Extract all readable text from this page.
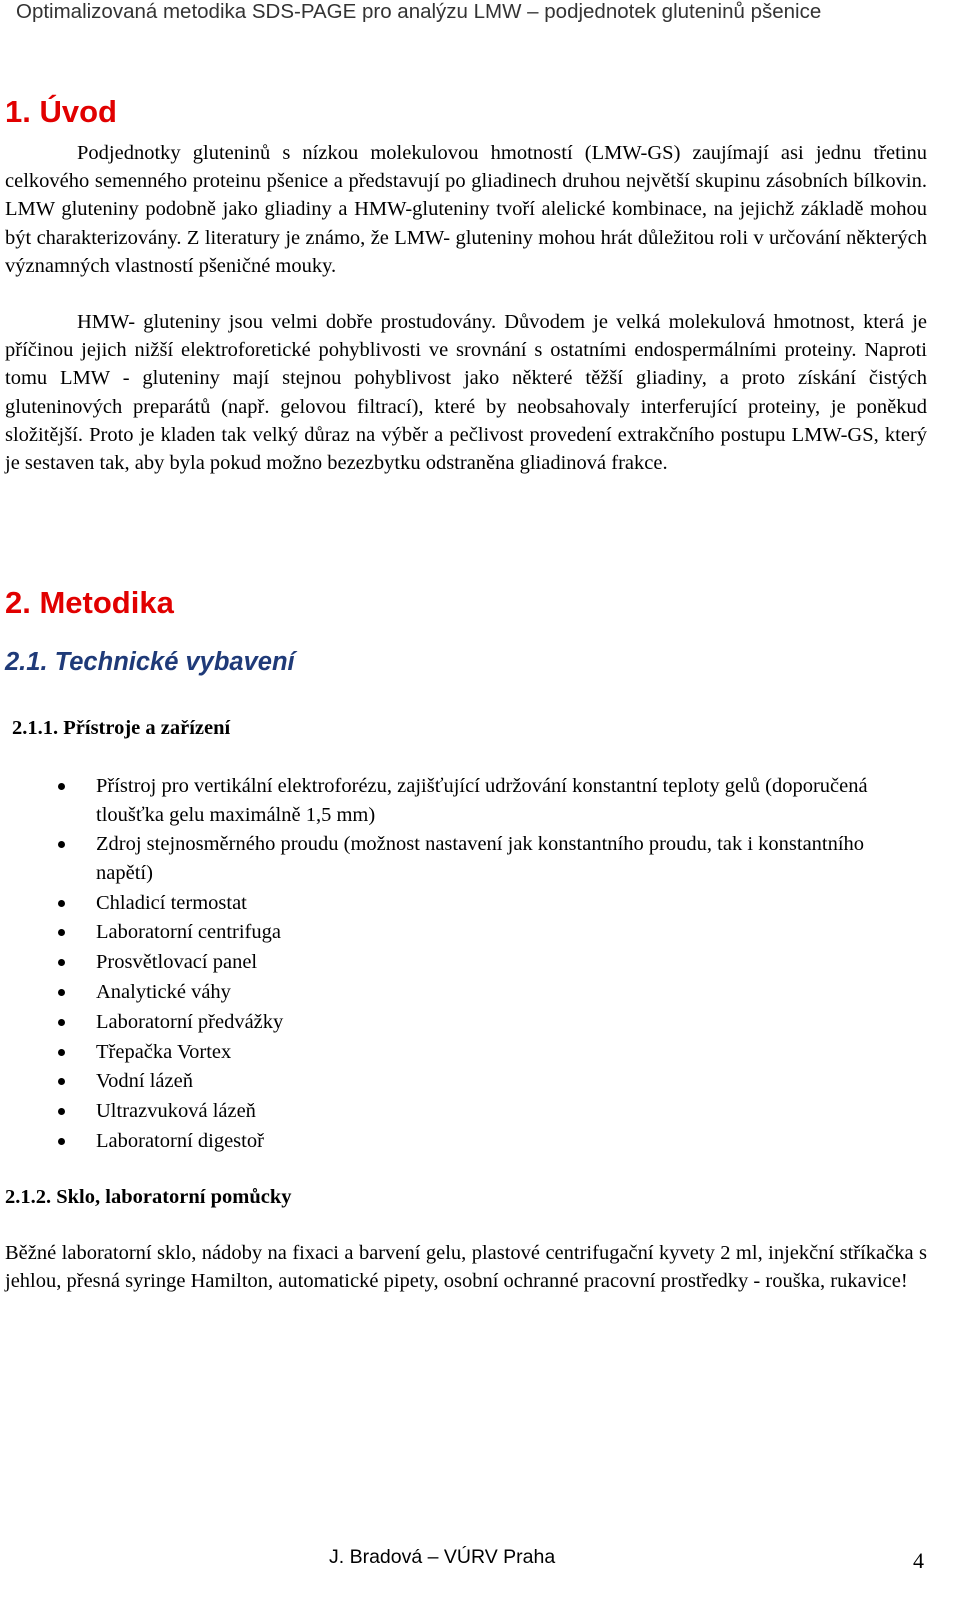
Optimalizovaná metodika SDS-PAGE pro analýzu LMW – podjednotek gluteninů pšenice
1. Úvod

Podjednotky gluteninů s nízkou molekulovou hmotností (LMW-GS) zaujímají asi jednu třetinu celkového semenného proteinu pšenice a představují po gliadinech druhou největší skupinu zásobních bílkovin. LMW gluteniny podobně jako gliadiny a HMW-gluteniny tvoří alelické kombinace, na jejichž základě mohou být charakterizovány. Z literatury je známo, že LMW- gluteniny mohou hrát důležitou roli v určování některých významných vlastností pšeničné mouky.

HMW- gluteniny jsou velmi dobře prostudovány. Důvodem je velká molekulová hmotnost, která je příčinou jejich nižší elektroforetické pohyblivosti ve srovnání s ostatními endospermálními proteiny. Naproti tomu LMW - gluteniny mají stejnou pohyblivost jako některé těžší gliadiny, a proto získání čistých gluteninových preparátů (např. gelovou filtrací), které by neobsahovaly interferující proteiny, je poněkud složitější. Proto je kladen tak velký důraz na výběr a pečlivost provedení extrakčního postupu LMW-GS, který je sestaven tak, aby byla pokud možno bezezbytku odstraněna gliadinová frakce.

2. Metodika
2.1. Technické vybavení
2.1.1. Přístroje a zařízení
Přístroj pro vertikální elektroforézu, zajišťující udržování konstantní teploty gelů (doporučená tloušťka gelu maximálně 1,5 mm)
Zdroj stejnosměrného proudu (možnost nastavení jak konstantního proudu, tak i konstantního napětí)
Chladicí termostat
Laboratorní centrifuga
Prosvětlovací panel
Analytické váhy
Laboratorní předvážky
Třepačka Vortex
Vodní lázeň
Ultrazvuková lázeň
Laboratorní digestoř
2.1.2. Sklo, laboratorní pomůcky

Běžné laboratorní sklo, nádoby na fixaci a barvení gelu, plastové centrifugační kyvety 2 ml, injekční stříkačka s jehlou, přesná syringe Hamilton, automatické pipety, osobní ochranné pracovní prostředky - rouška, rukavice!

J. Bradová – VÚRV Praha	4
